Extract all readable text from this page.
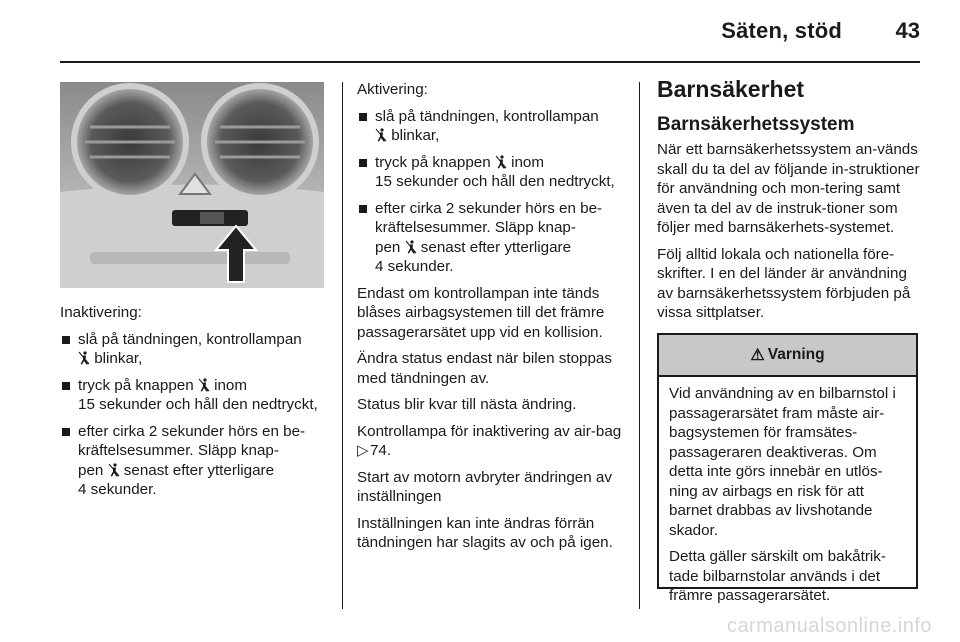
Säten, stöd 43

Inaktivering:

slå på tändningen, kontrollampan
blinkar,
tryck på knappen  inom
15 sekunder och håll den nedtryckt,
efter cirka 2 sekunder hörs en be-
kräftelsesummer. Släpp knap-
pen  senast efter ytterligare
4 sekunder.

Aktivering:

slå på tändningen, kontrollampan
blinkar,
tryck på knappen  inom
15 sekunder och håll den nedtryckt,
efter cirka 2 sekunder hörs en be-
kräftelsesummer. Släpp knap-
pen  senast efter ytterligare
4 sekunder.

Endast om kontrollampan inte tänds blåses airbagsystemen till det främre passagerarsätet upp vid en kollision.

Ändra status endast när bilen stoppas med tändningen av.

Status blir kvar till nästa ändring.

Kontrollampa för inaktivering av air-bag ▷ 74.

Start av motorn avbryter ändringen av inställningen

Inställningen kan inte ändras förrän tändningen har slagits av och på igen.

Barnsäkerhet
Barnsäkerhetssystem

När ett barnsäkerhetssystem an-vänds skall du ta del av följande in-struktioner för användning och mon-tering samt även ta del av de instruk-tioner som följer med barnsäkerhets-systemet.

Följ alltid lokala och nationella före-skrifter. I en del länder är användning av barnsäkerhetssystem förbjuden på vissa sittplatser.

⚠ Varning

Vid användning av en bilbarnstol i passagerarsätet fram måste air-bagsystemen för framsätes-passageraren deaktiveras. Om detta inte görs innebär en utlös-ning av airbags en risk för att barnet drabbas av livshotande skador.

Detta gäller särskilt om bakåtrik-tade bilbarnstolar används i det främre passagerarsätet.

carmanualsonline.info
